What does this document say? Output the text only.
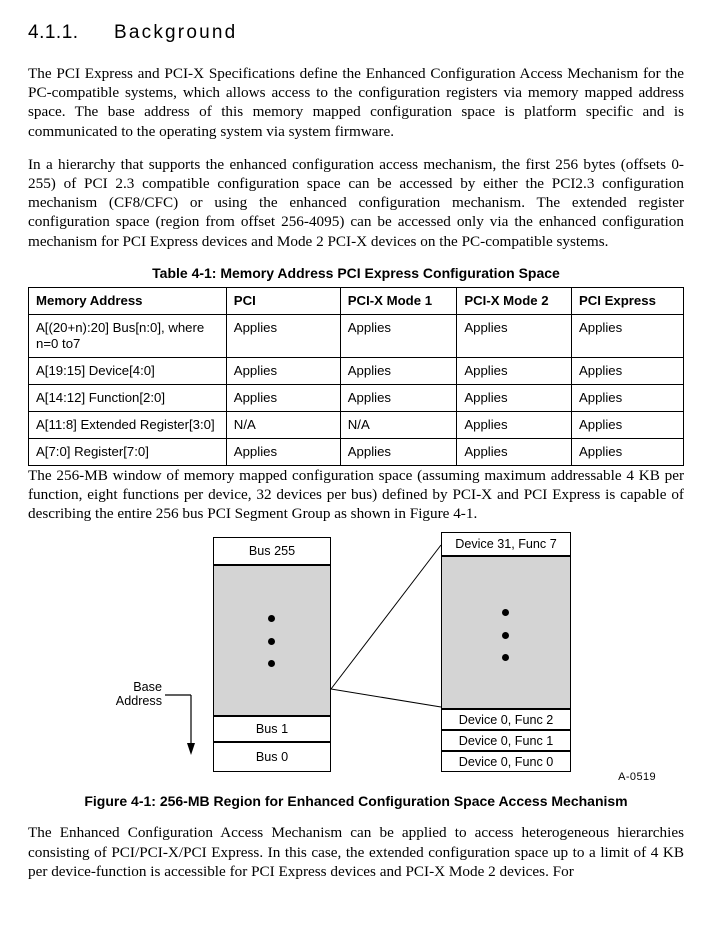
4.1.1. Background

The PCI Express and PCI-X Specifications define the Enhanced Configuration Access Mechanism for the PC-compatible systems, which allows access to the configuration registers via memory mapped address space. The base address of this memory mapped configuration space is platform specific and is communicated to the operating system via system firmware.

In a hierarchy that supports the enhanced configuration access mechanism, the first 256 bytes (offsets 0-255) of PCI 2.3 compatible configuration space can be accessed by either the PCI2.3 configuration mechanism (CF8/CFC) or using the enhanced configuration mechanism. The extended register configuration space (region from offset 256-4095) can be accessed only via the enhanced configuration mechanism for PCI Express devices and Mode 2 PCI-X devices on the PC-compatible systems.

Table 4-1: Memory Address PCI Express Configuration Space
Memory Address	PCI	PCI-X Mode 1	PCI-X Mode 2	PCI Express
A[(20+n):20] Bus[n:0], where n=0 to7	Applies	Applies	Applies	Applies
A[19:15] Device[4:0]	Applies	Applies	Applies	Applies
A[14:12] Function[2:0]	Applies	Applies	Applies	Applies
A[11:8] Extended Register[3:0]	N/A	N/A	Applies	Applies
A[7:0] Register[7:0]	Applies	Applies	Applies	Applies

The 256-MB window of memory mapped configuration space (assuming maximum addressable 4 KB per function, eight functions per device, 32 devices per bus) defined by PCI-X and PCI Express is capable of describing the entire 256 bus PCI Segment Group as shown in Figure 4-1.

Bus 255
Bus 1
Bus 0
Base
Address
Device 31, Func 7
Device 0, Func 2
Device 0, Func 1
Device 0, Func 0
A-0519
Figure 4-1: 256-MB Region for Enhanced Configuration Space Access Mechanism

The Enhanced Configuration Access Mechanism can be applied to access heterogeneous hierarchies consisting of PCI/PCI-X/PCI Express. In this case, the extended configuration space up to a limit of 4 KB per device-function is accessible for PCI Express devices and PCI-X Mode 2 devices. For
